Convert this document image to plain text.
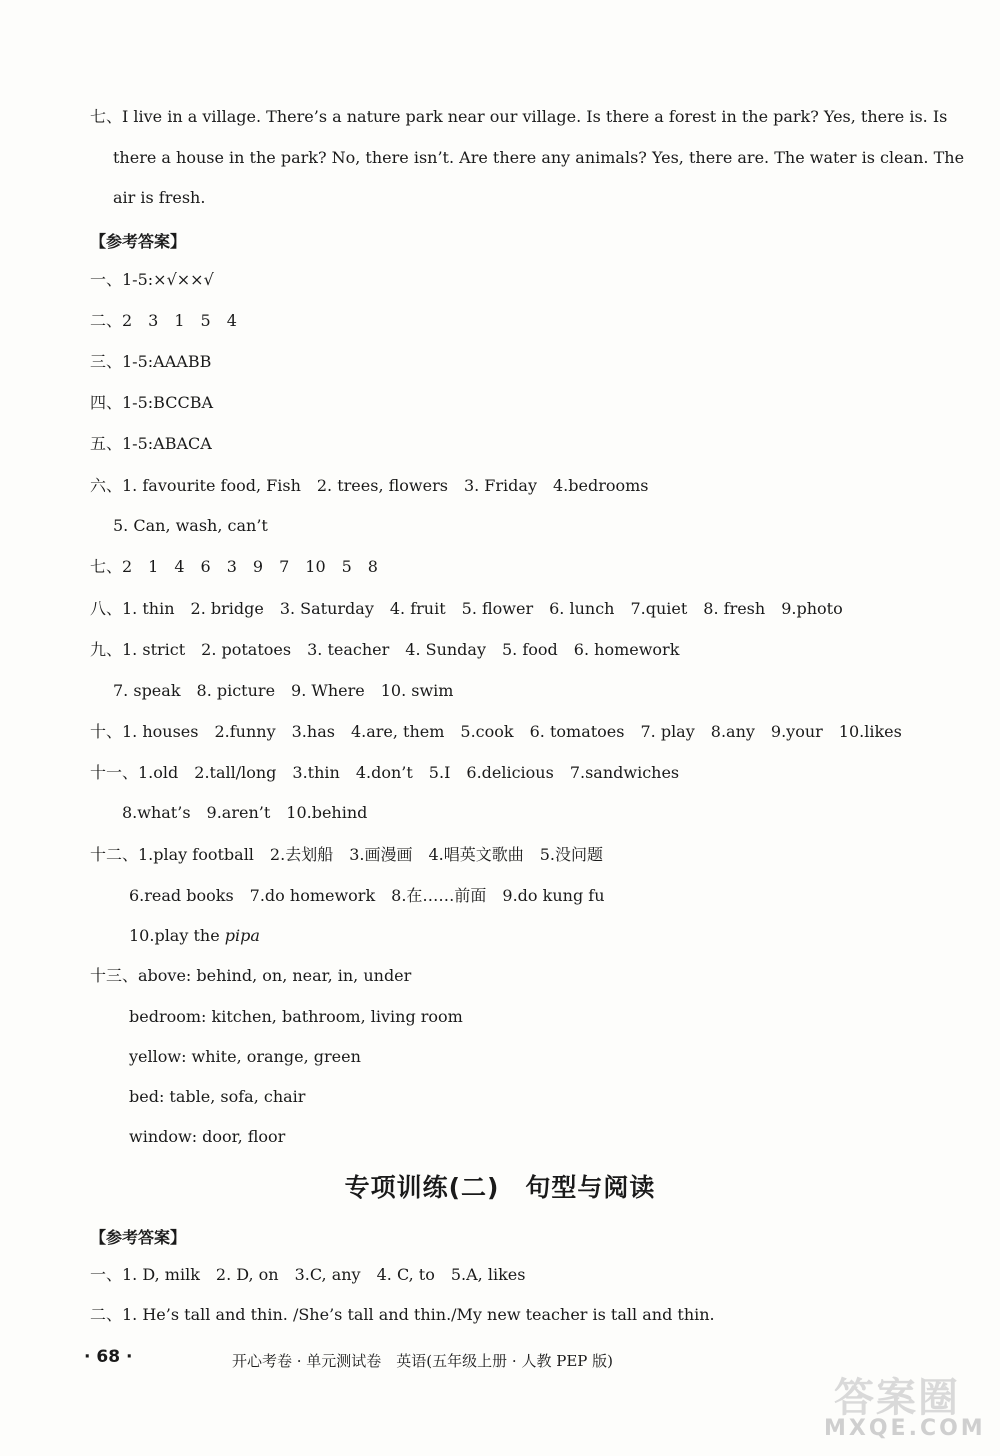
七、I live in a village. There’s a nature park near our village. Is there a forest in the park? Yes, there is. Is
there a house in the park? No, there isn’t. Are there any animals? Yes, there are. The water is clean. The
air is fresh.
【参考答案】
一、1-5:×√××√
二、2　3　1　5　4
三、1-5:AAABB
四、1-5:BCCBA
五、1-5:ABACA
六、1. favourite food, Fish　2. trees, flowers　3. Friday　4.bedrooms
5. Can, wash, can’t
七、2　1　4　6　3　9　7　10　5　8
八、1. thin　2. bridge　3. Saturday　4. fruit　5. flower　6. lunch　7.quiet　8. fresh　9.photo
九、1. strict　2. potatoes　3. teacher　4. Sunday　5. food　6. homework
7. speak　8. picture　9. Where　10. swim
十、1. houses　2.funny　3.has　4.are, them　5.cook　6. tomatoes　7. play　8.any　9.your　10.likes
十一、1.old　2.tall/long　3.thin　4.don’t　5.I　6.delicious　7.sandwiches
8.what’s　9.aren’t　10.behind
十二、1.play football　2.去划船　3.画漫画　4.唱英文歌曲　5.没问题
6.read books　7.do homework　8.在……前面　9.do kung fu
10.play the pipa
十三、above: behind, on, near, in, under
bedroom: kitchen, bathroom, living room
yellow: white, orange, green
bed: table, sofa, chair
window: door, floor
专项训练(二)　句型与阅读
【参考答案】
一、1. D, milk　2. D, on　3.C, any　4. C, to　5.A, likes
二、1. He’s tall and thin. /She’s tall and thin./My new teacher is tall and thin.
· 68 ·	开心考卷 · 单元测试卷　英语(五年级上册 · 人教 PEP 版)
答案圈
MXQE.COM
